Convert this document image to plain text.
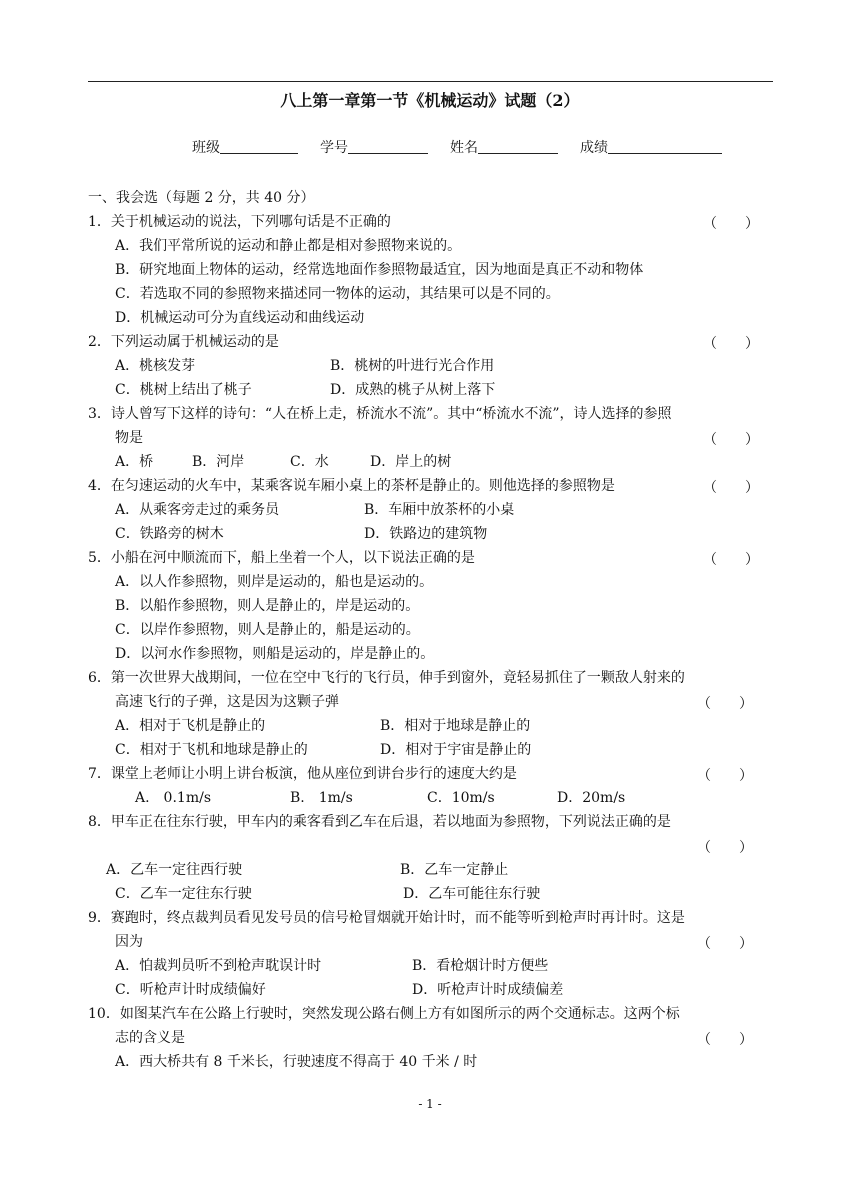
八上第一章第一节《机械运动》试题（2）
班级	学号	姓名	成绩
一、我会选（每题 2 分，共 40 分）
1．关于机械运动的说法，下列哪句话是不正确的	（　　）
A．我们平常所说的运动和静止都是相对参照物来说的。
B．研究地面上物体的运动，经常选地面作参照物最适宜，因为地面是真正不动和物体
C．若选取不同的参照物来描述同一物体的运动，其结果可以是不同的。
D．机械运动可分为直线运动和曲线运动
2．下列运动属于机械运动的是	（　　）
A．桃核发芽	B．桃树的叶进行光合作用
C．桃树上结出了桃子	D．成熟的桃子从树上落下
3．诗人曾写下这样的诗句：“人在桥上走，桥流水不流”。其中“桥流水不流”，诗人选择的参照
物是	（　　）
A．桥	B．河岸	C．水	D．岸上的树
4．在匀速运动的火车中，某乘客说车厢小桌上的茶杯是静止的。则他选择的参照物是	（　　）
A．从乘客旁走过的乘务员	B．车厢中放茶杯的小桌
C．铁路旁的树木	D．铁路边的建筑物
5．小船在河中顺流而下，船上坐着一个人，以下说法正确的是	（　　）
A．以人作参照物，则岸是运动的，船也是运动的。
B．以船作参照物，则人是静止的，岸是运动的。
C．以岸作参照物，则人是静止的，船是运动的。
D．以河水作参照物，则船是运动的，岸是静止的。
6．第一次世界大战期间，一位在空中飞行的飞行员，伸手到窗外，竟轻易抓住了一颗敌人射来的
高速飞行的子弹，这是因为这颗子弹	（　　）
A．相对于飞机是静止的	B．相对于地球是静止的
C．相对于飞机和地球是静止的	D．相对于宇宙是静止的
7．课堂上老师让小明上讲台板演，他从座位到讲台步行的速度大约是	（　　）
A.　0.1m/s	B.　1m/s	C．10m/s	D．20m/s
8．甲车正在往东行驶，甲车内的乘客看到乙车在后退，若以地面为参照物，下列说法正确的是
（　　）
A．乙车一定往西行驶	B．乙车一定静止
C．乙车一定往东行驶	D．乙车可能往东行驶
9．赛跑时，终点裁判员看见发号员的信号枪冒烟就开始计时，而不能等听到枪声时再计时。这是
因为	（　　）
A．怕裁判员听不到枪声耽误计时	B．看枪烟计时方便些
C．听枪声计时成绩偏好	D．听枪声计时成绩偏差
10．如图某汽车在公路上行驶时，突然发现公路右侧上方有如图所示的两个交通标志。这两个标
志的含义是	（　　）
A．西大桥共有 8 千米长，行驶速度不得高于 40 千米 / 时
- 1 -
